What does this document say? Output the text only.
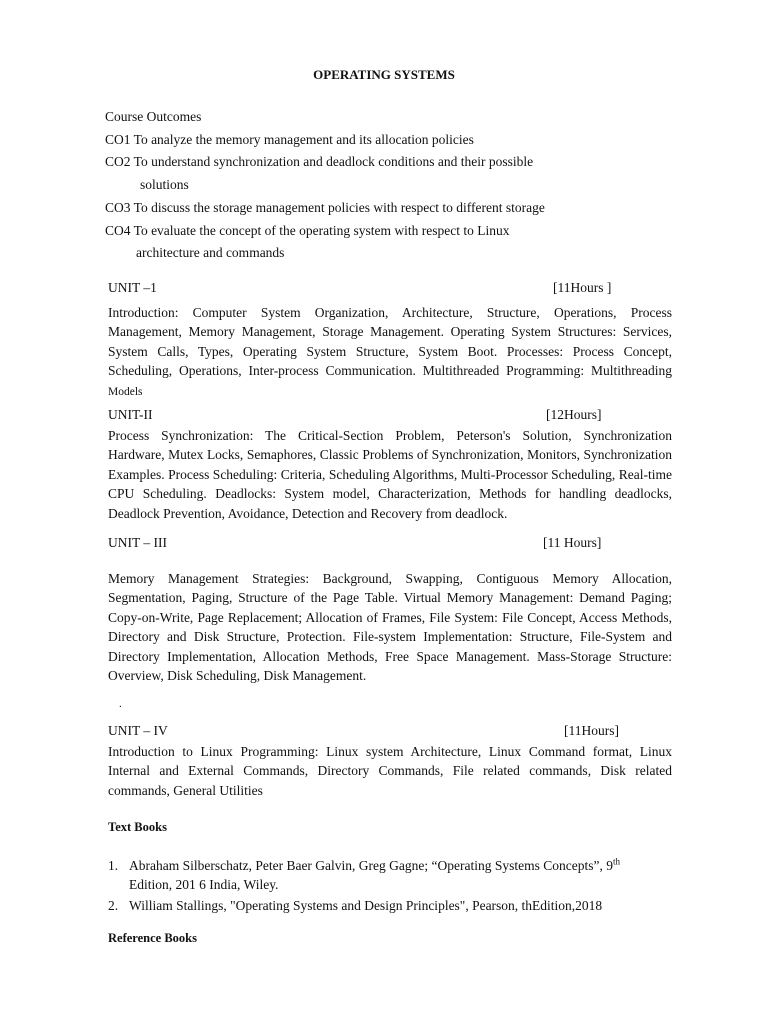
OPERATING SYSTEMS
Course Outcomes
CO1 To analyze the memory management and its allocation policies
CO2 To understand synchronization and deadlock conditions and their possible
solutions
CO3 To discuss the storage management policies with respect to different storage
CO4 To evaluate the concept of the operating system with respect to Linux
architecture and commands
UNIT –1	[11Hours ]
Introduction: Computer System Organization, Architecture, Structure, Operations, Process Management, Memory Management, Storage Management. Operating System Structures: Services, System Calls, Types, Operating System Structure, System Boot. Processes: Process Concept, Scheduling, Operations, Inter-process Communication. Multithreaded Programming: Multithreading Models
UNIT-II	[12Hours]
Process Synchronization: The Critical-Section Problem, Peterson's Solution, Synchronization Hardware, Mutex Locks, Semaphores, Classic Problems of Synchronization, Monitors, Synchronization Examples. Process Scheduling: Criteria, Scheduling Algorithms, Multi-Processor Scheduling, Real-time CPU Scheduling. Deadlocks: System model, Characterization, Methods for handling deadlocks, Deadlock Prevention, Avoidance, Detection and Recovery from deadlock.
UNIT – III	[11 Hours]
Memory Management Strategies: Background, Swapping, Contiguous Memory Allocation, Segmentation, Paging, Structure of the Page Table. Virtual Memory Management: Demand Paging; Copy-on-Write, Page Replacement; Allocation of Frames, File System: File Concept, Access Methods, Directory and Disk Structure, Protection. File-system Implementation: Structure, File-System and Directory Implementation, Allocation Methods, Free Space Management. Mass-Storage Structure: Overview, Disk Scheduling, Disk Management.
.
UNIT – IV	[11Hours]
Introduction to Linux Programming: Linux system Architecture, Linux Command format, Linux Internal and External Commands, Directory Commands, File related commands, Disk related commands, General Utilities
Text Books
1. Abraham Silberschatz, Peter Baer Galvin, Greg Gagne; “Operating Systems Concepts”, 9th
Edition, 201 6 India, Wiley.
2. William Stallings, "Operating Systems and Design Principles", Pearson, thEdition,2018
Reference Books
